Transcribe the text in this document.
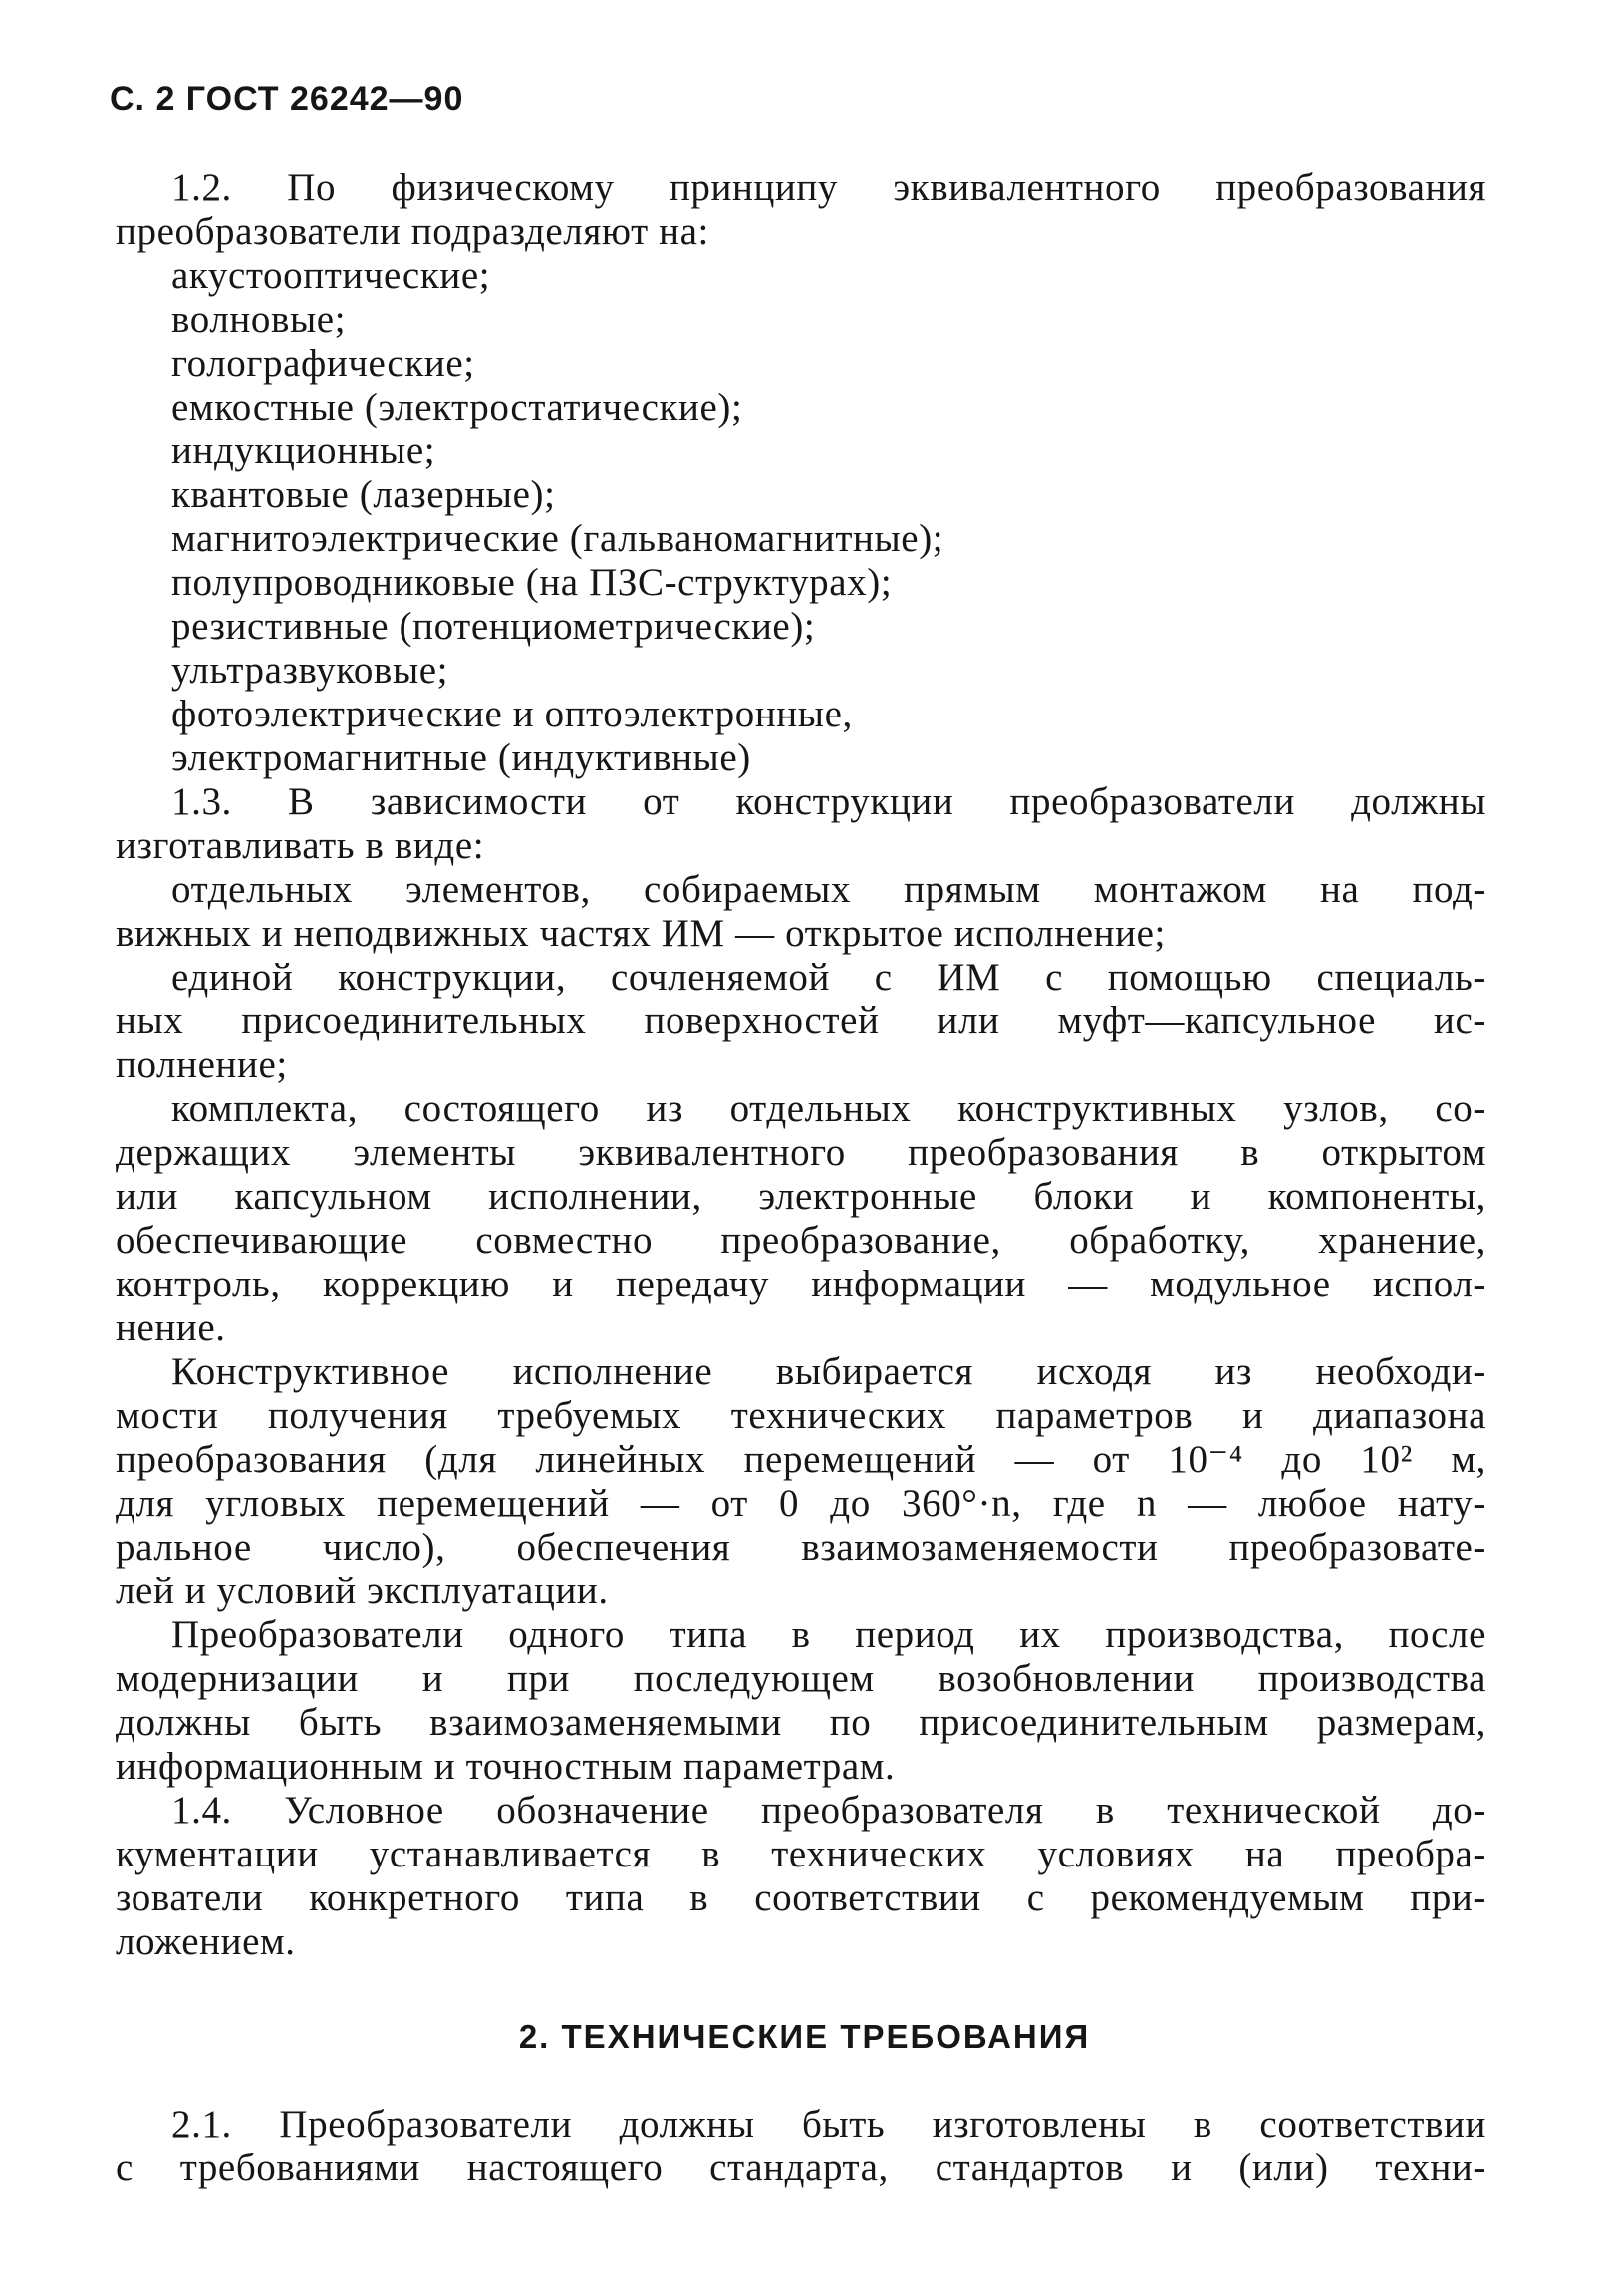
С. 2 ГОСТ 26242—90
1.2. По физическому принципу эквивалентного преобразования
преобразователи подразделяют на:
акустооптические;
волновые;
голографические;
емкостные (электростатические);
индукционные;
квантовые (лазерные);
магнитоэлектрические (гальваномагнитные);
полупроводниковые (на ПЗС-структурах);
резистивные (потенциометрические);
ультразвуковые;
фотоэлектрические и оптоэлектронные,
электромагнитные (индуктивные)
1.3. В зависимости от конструкции преобразователи должны
изготавливать в виде:
отдельных элементов, собираемых прямым монтажом на под-
вижных и неподвижных частях ИМ — открытое исполнение;
единой конструкции, сочленяемой с ИМ с помощью специаль-
ных присоединительных поверхностей или муфт—капсульное ис-
полнение;
комплекта, состоящего из отдельных конструктивных узлов, со-
держащих элементы эквивалентного преобразования в открытом
или капсульном исполнении, электронные блоки и компоненты,
обеспечивающие совместно преобразование, обработку, хранение,
контроль, коррекцию и передачу информации — модульное испол-
нение.
Конструктивное исполнение выбирается исходя из необходи-
мости получения требуемых технических параметров и диапазона
преобразования (для линейных перемещений — от 10⁻⁴ до 10² м,
для угловых перемещений — от 0 до 360°·n, где n — любое нату-
ральное число), обеспечения взаимозаменяемости преобразовате-
лей и условий эксплуатации.
Преобразователи одного типа в период их производства, после
модернизации и при последующем возобновлении производства
должны быть взаимозаменяемыми по присоединительным размерам,
информационным и точностным параметрам.
1.4. Условное обозначение преобразователя в технической до-
кументации устанавливается в технических условиях на преобра-
зователи конкретного типа в соответствии с рекомендуемым при-
ложением.
2. ТЕХНИЧЕСКИЕ ТРЕБОВАНИЯ
2.1. Преобразователи должны быть изготовлены в соответствии
с требованиями настоящего стандарта, стандартов и (или) техни-
